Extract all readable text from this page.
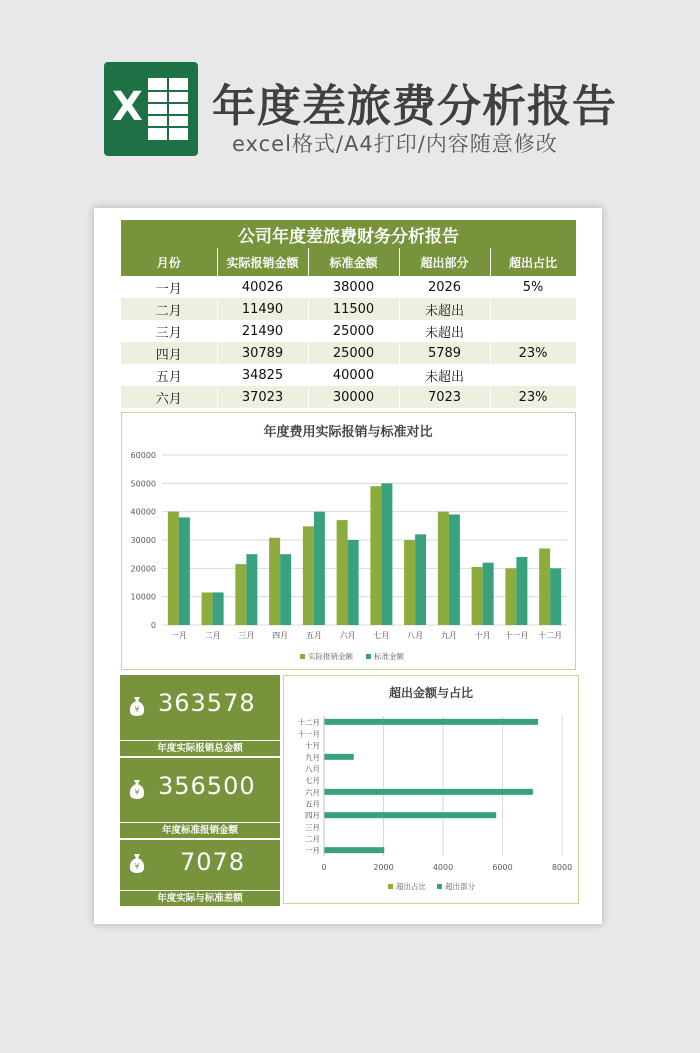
X 年度差旅费分析报告
excel格式/A4打印/内容随意修改
公司年度差旅费财务分析报告				
月份	实际报销金额	标准金额	超出部分	超出占比
一月	40026	38000	2026	5%
二月	11490	11500	未超出	
三月	21490	25000	未超出	
四月	30789	25000	5789	23%
五月	34825	40000	未超出	
六月	37023	30000	7023	23%
年度费用实际报销与标准对比
0
10000
20000
30000
40000
50000
60000
一月 二月 三月 四月 五月 六月 七月 八月 九月 十月 十一月 十二月
实际报销金额	标准金额
¥ 363578
年度实际报销总金额
¥ 356500
年度标准报销金额
¥ 7078
年度实际与标准差额
超出金额与占比
0	2000	4000	6000	8000
一月
二月
三月
四月
五月
六月
七月
八月
九月
十月
十一月
十二月
超出占比	超出部分
